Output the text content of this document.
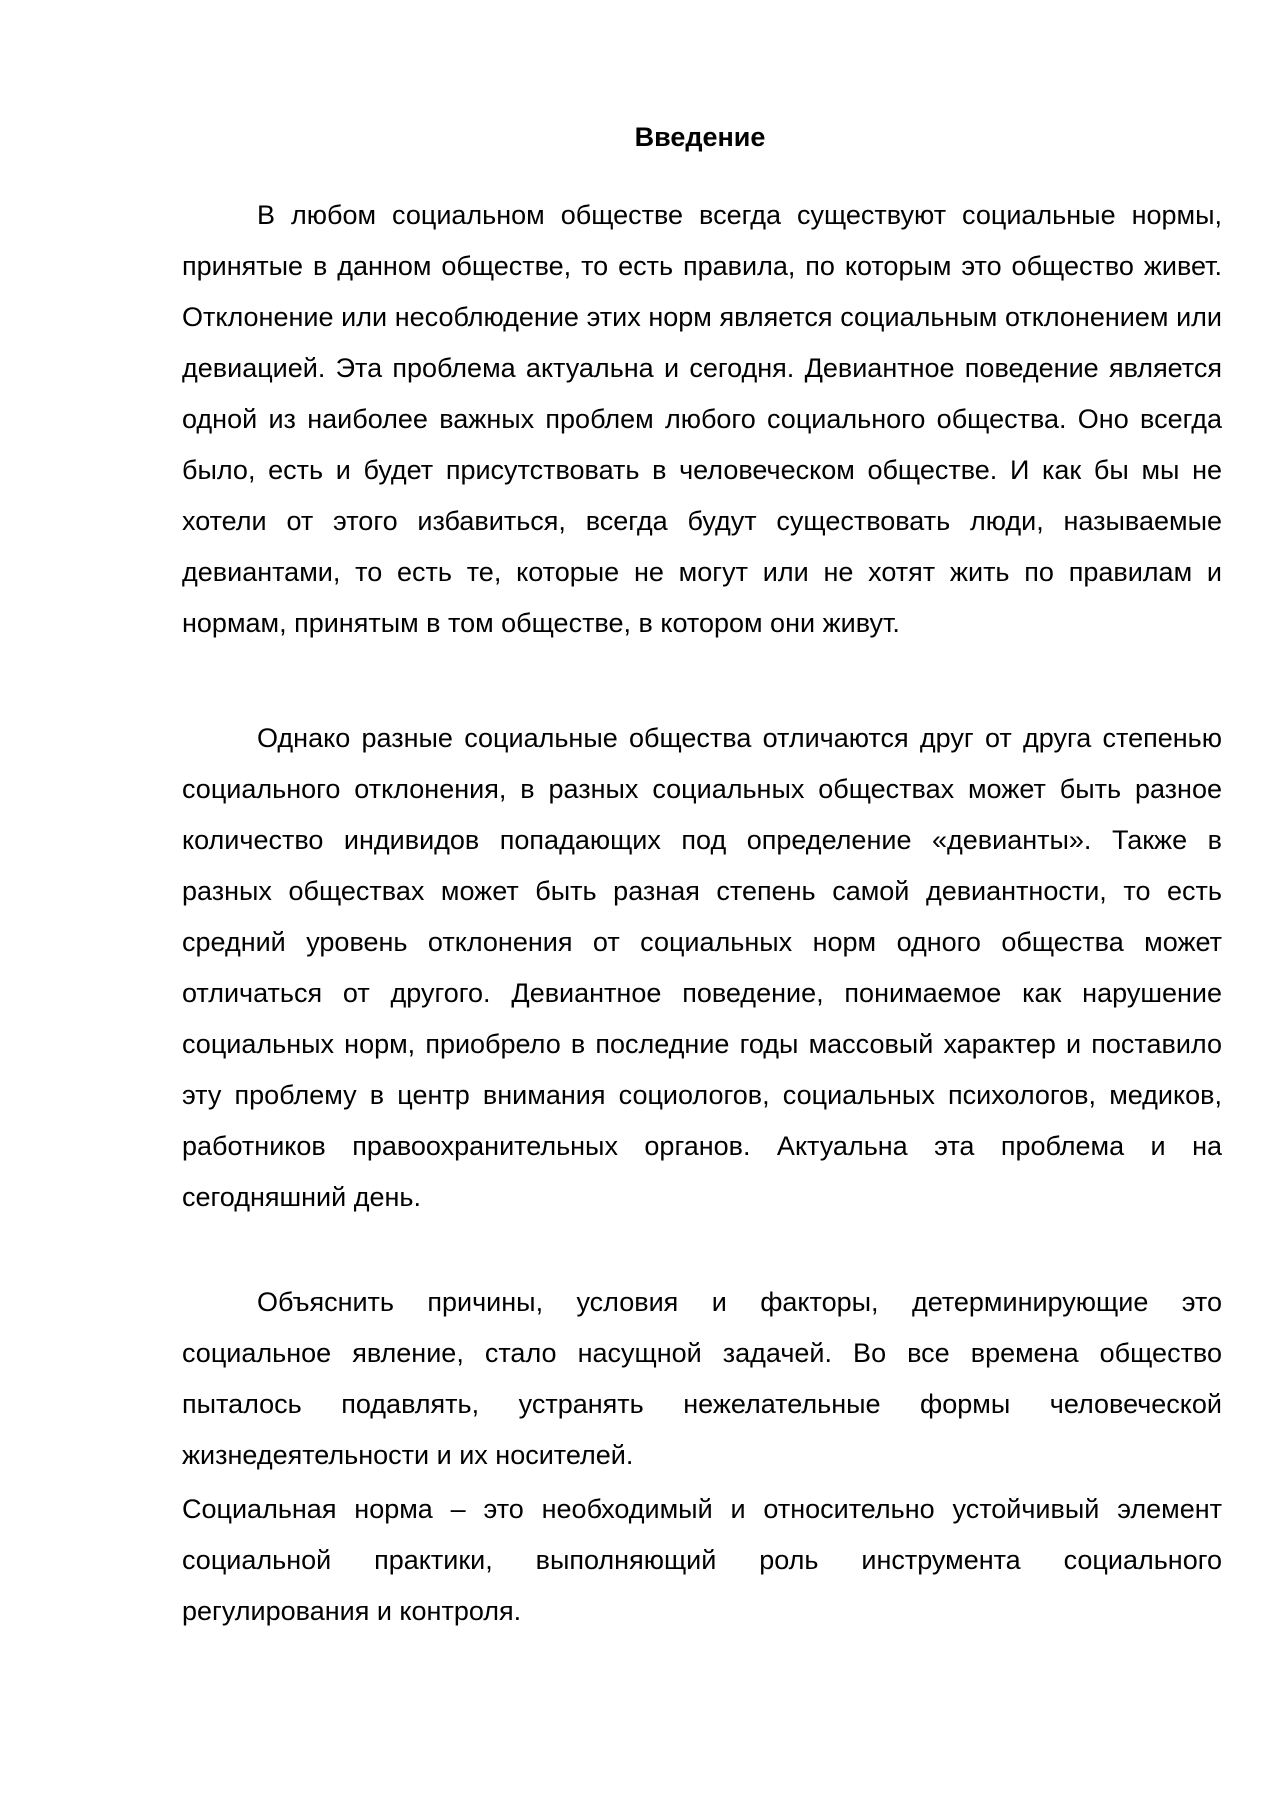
Введение

В любом социальном обществе всегда существуют социальные нормы, принятые в данном обществе, то есть правила, по которым это общество живет. Отклонение или несоблюдение этих норм является социальным отклонением или девиацией. Эта проблема актуальна и сегодня. Девиантное поведение является одной из наиболее важных проблем любого социального общества. Оно всегда было, есть и будет присутствовать в человеческом обществе. И как бы мы не хотели от этого избавиться, всегда будут существовать люди, называемые девиантами, то есть те, которые не могут или не хотят жить по правилам и нормам, принятым в том обществе, в котором они живут.

Однако разные социальные общества отличаются друг от друга степенью социального отклонения, в разных социальных обществах может быть разное количество индивидов попадающих под определение «девианты». Также в разных обществах может быть разная степень самой девиантности, то есть средний уровень отклонения от социальных норм одного общества может отличаться от другого. Девиантное поведение, понимаемое как нарушение социальных норм, приобрело в последние годы массовый характер и поставило эту проблему в центр внимания социологов, социальных психологов, медиков, работников правоохранительных органов. Актуальна эта проблема и на сегодняшний день.

Объяснить причины, условия и факторы, детерминирующие это социальное явление, стало насущной задачей. Во все времена общество пыталось подавлять, устранять нежелательные формы человеческой жизнедеятельности и их носителей.

Социальная норма – это необходимый и относительно устойчивый элемент социальной практики, выполняющий роль инструмента социального регулирования и контроля.
